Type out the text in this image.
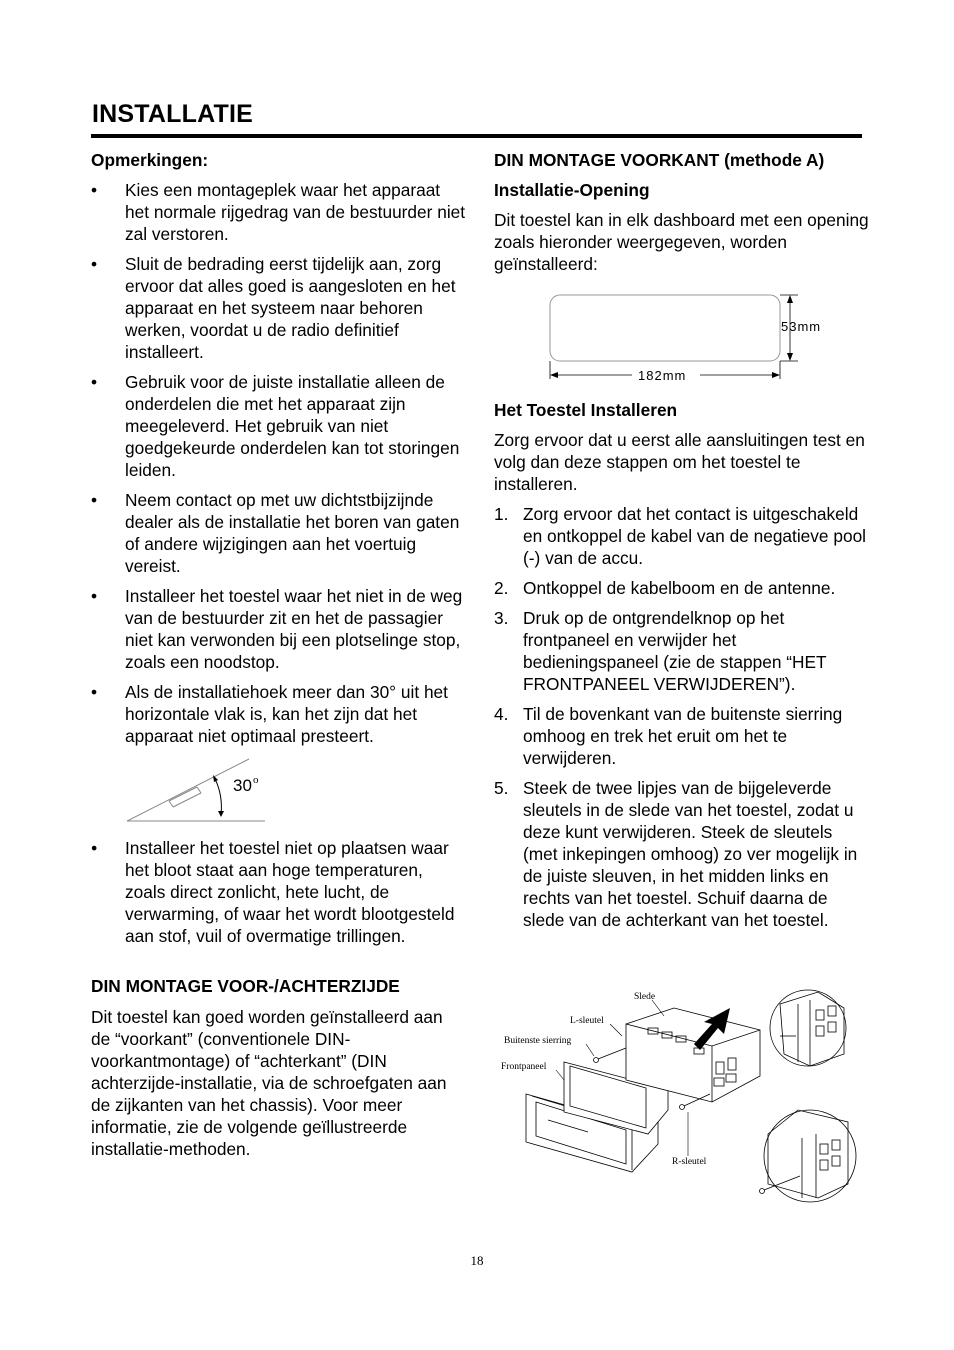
INSTALLATIE

Opmerkingen:

• Kies een montageplek waar het apparaat het normale rijgedrag van de bestuurder niet zal verstoren.
• Sluit de bedrading eerst tijdelijk aan, zorg ervoor dat alles goed is aangesloten en het apparaat en het systeem naar behoren werken, voordat u de radio definitief installeert.
• Gebruik voor de juiste installatie alleen de onderdelen die met het apparaat zijn meegeleverd. Het gebruik van niet goedgekeurde onderdelen kan tot storingen leiden.
• Neem contact op met uw dichtstbijzijnde dealer als de installatie het boren van gaten of andere wijzigingen aan het voertuig vereist.
• Installeer het toestel waar het niet in de weg van de bestuurder zit en het de passagier niet kan verwonden bij een plotselinge stop, zoals een noodstop.
• Als de installatiehoek meer dan 30° uit het horizontale vlak is, kan het zijn dat het apparaat niet optimaal presteert.
30 o
• Installeer het toestel niet op plaatsen waar het bloot staat aan hoge temperaturen, zoals direct zonlicht, hete lucht, de verwarming, of waar het wordt blootgesteld aan stof, vuil of overmatige trillingen.

DIN MONTAGE VOOR-/ACHTERZIJDE

Dit toestel kan goed worden geïnstalleerd aan de “voorkant” (conventionele DIN-voorkantmontage) of “achterkant” (DIN achterzijde-installatie, via de schroefgaten aan de zijkanten van het chassis). Voor meer informatie, zie de volgende geïllustreerde installatie-methoden.

DIN MONTAGE VOORKANT (methode A)

Installatie-Opening

Dit toestel kan in elk dashboard met een opening zoals hieronder weergegeven, worden geïnstalleerd:

53mm
182mm

Het Toestel Installeren

Zorg ervoor dat u eerst alle aansluitingen test en volg dan deze stappen om het toestel te installeren.

1. Zorg ervoor dat het contact is uitgeschakeld en ontkoppel de kabel van de negatieve pool (-) van de accu.
2. Ontkoppel de kabelboom en de antenne.
3. Druk op de ontgrendelknop op het frontpaneel en verwijder het bedieningspaneel (zie de stappen “HET FRONTPANEEL VERWIJDEREN”).
4. Til de bovenkant van de buitenste sierring omhoog en trek het eruit om het te verwijderen.
5. Steek de twee lipjes van de bijgeleverde sleutels in de slede van het toestel, zodat u deze kunt verwijderen. Steek de sleutels (met inkepingen omhoog) zo ver mogelijk in de juiste sleuven, in het midden links en rechts van het toestel. Schuif daarna de slede van de achterkant van het toestel.
Slede
L-sleutel
Buitenste sierring
Frontpaneel
R-sleutel
18
